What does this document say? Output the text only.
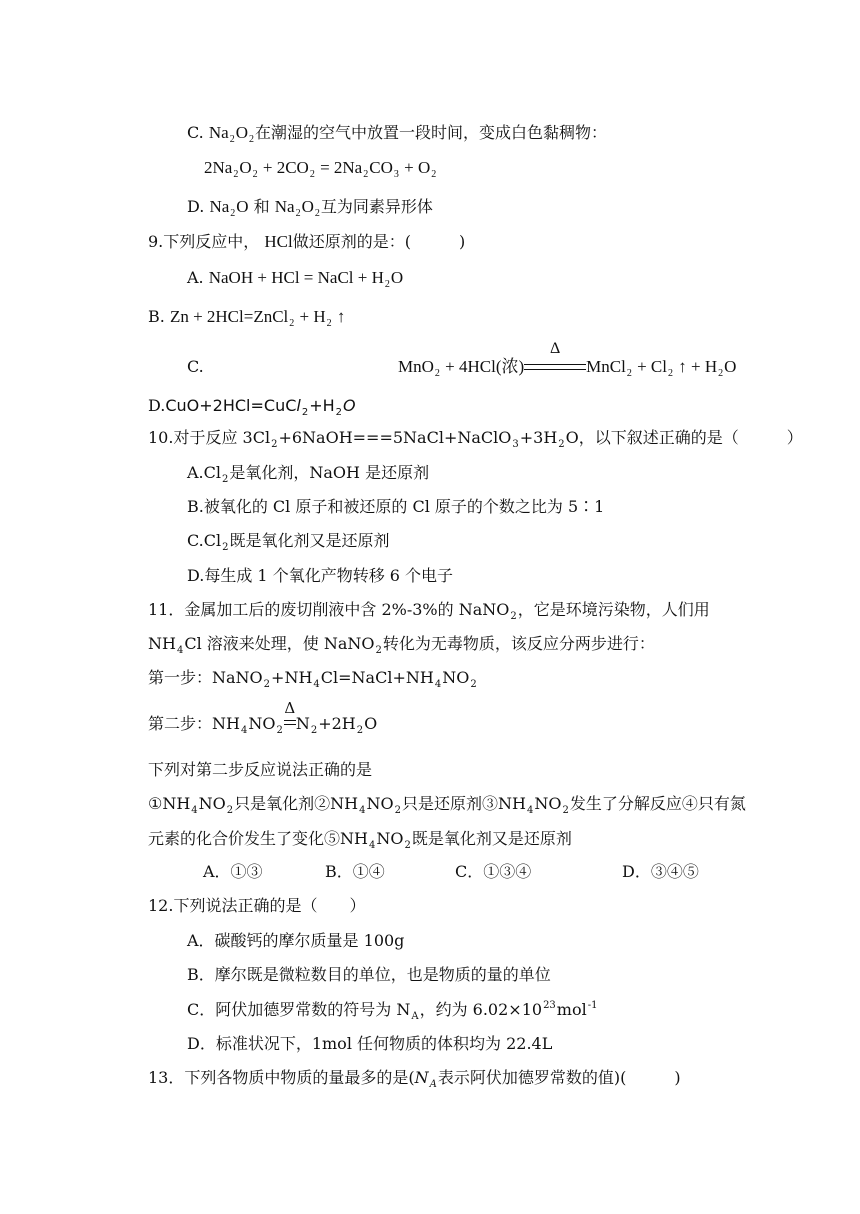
C. $Na_2O_2$在潮湿的空气中放置一段时间，变成白色黏稠物：
$2Na_2O_2 + 2CO_2 = 2Na_2CO_3 + O_2$
D. $Na_2O$ 和 $Na_2O_2$互为同素异形体
9.下列反应中， HCl做还原剂的是：(　　　)
A. NaOH + HCl = NaCl + $H_2O$
B. Zn + 2HCl=ZnCl$_2$ + $H_2$ ↑
C.	MnO$_2$ + 4HCl(浓)
Δ
MnCl$_2$ + $Cl_2$ ↑ + $H_2O$
$D.CuO+2HCl=CuCl_2+H_2O$
10.对于反应 $3Cl_2+6NaOH===5NaCl+NaClO_3+3H_2O$，以下叙述正确的是（　　　）
$A.Cl_2$是氧化剂，NaOH 是还原剂
B.被氧化的 Cl 原子和被还原的 Cl 原子的个数之比为 5∶1
$C.Cl_2$既是氧化剂又是还原剂
D.每生成 1 个氧化产物转移 6 个电子
11．金属加工后的废切削液中含 2%-3%的 NaNO$_2$，它是环境污染物，人们用
$NH_4Cl$ 溶液来处理，使 NaNO$_2$转化为无毒物质，该反应分两步进行：
第一步：$NaNO_2+NH_4Cl=NaCl+NH_4NO_2$
第二步：$NH_4NO_2$
Δ
$N_2+2H_2O$
下列对第二步反应说法正确的是
$①NH_4NO_2$只是氧化剂$②NH_4NO_2$只是还原剂$③NH_4NO_2$发生了分解反应④只有氮
元素的化合价发生了变化$⑤NH_4NO_2$既是氧化剂又是还原剂
A．①③	B．①④	C．①③④	D．③④⑤
12.下列说法正确的是（　　）
A．碳酸钙的摩尔质量是 100g
B．摩尔既是微粒数目的单位，也是物质的量的单位
C．阿伏加德罗常数的符号为 $N_A$，约为 $6.02\times 10^{23}mol^{-1}$
D．标准状况下，1mol 任何物质的体积均为 22.4L
13．下列各物质中物质的量最多的是($N_A$表示阿伏加德罗常数的值)(　　　)
